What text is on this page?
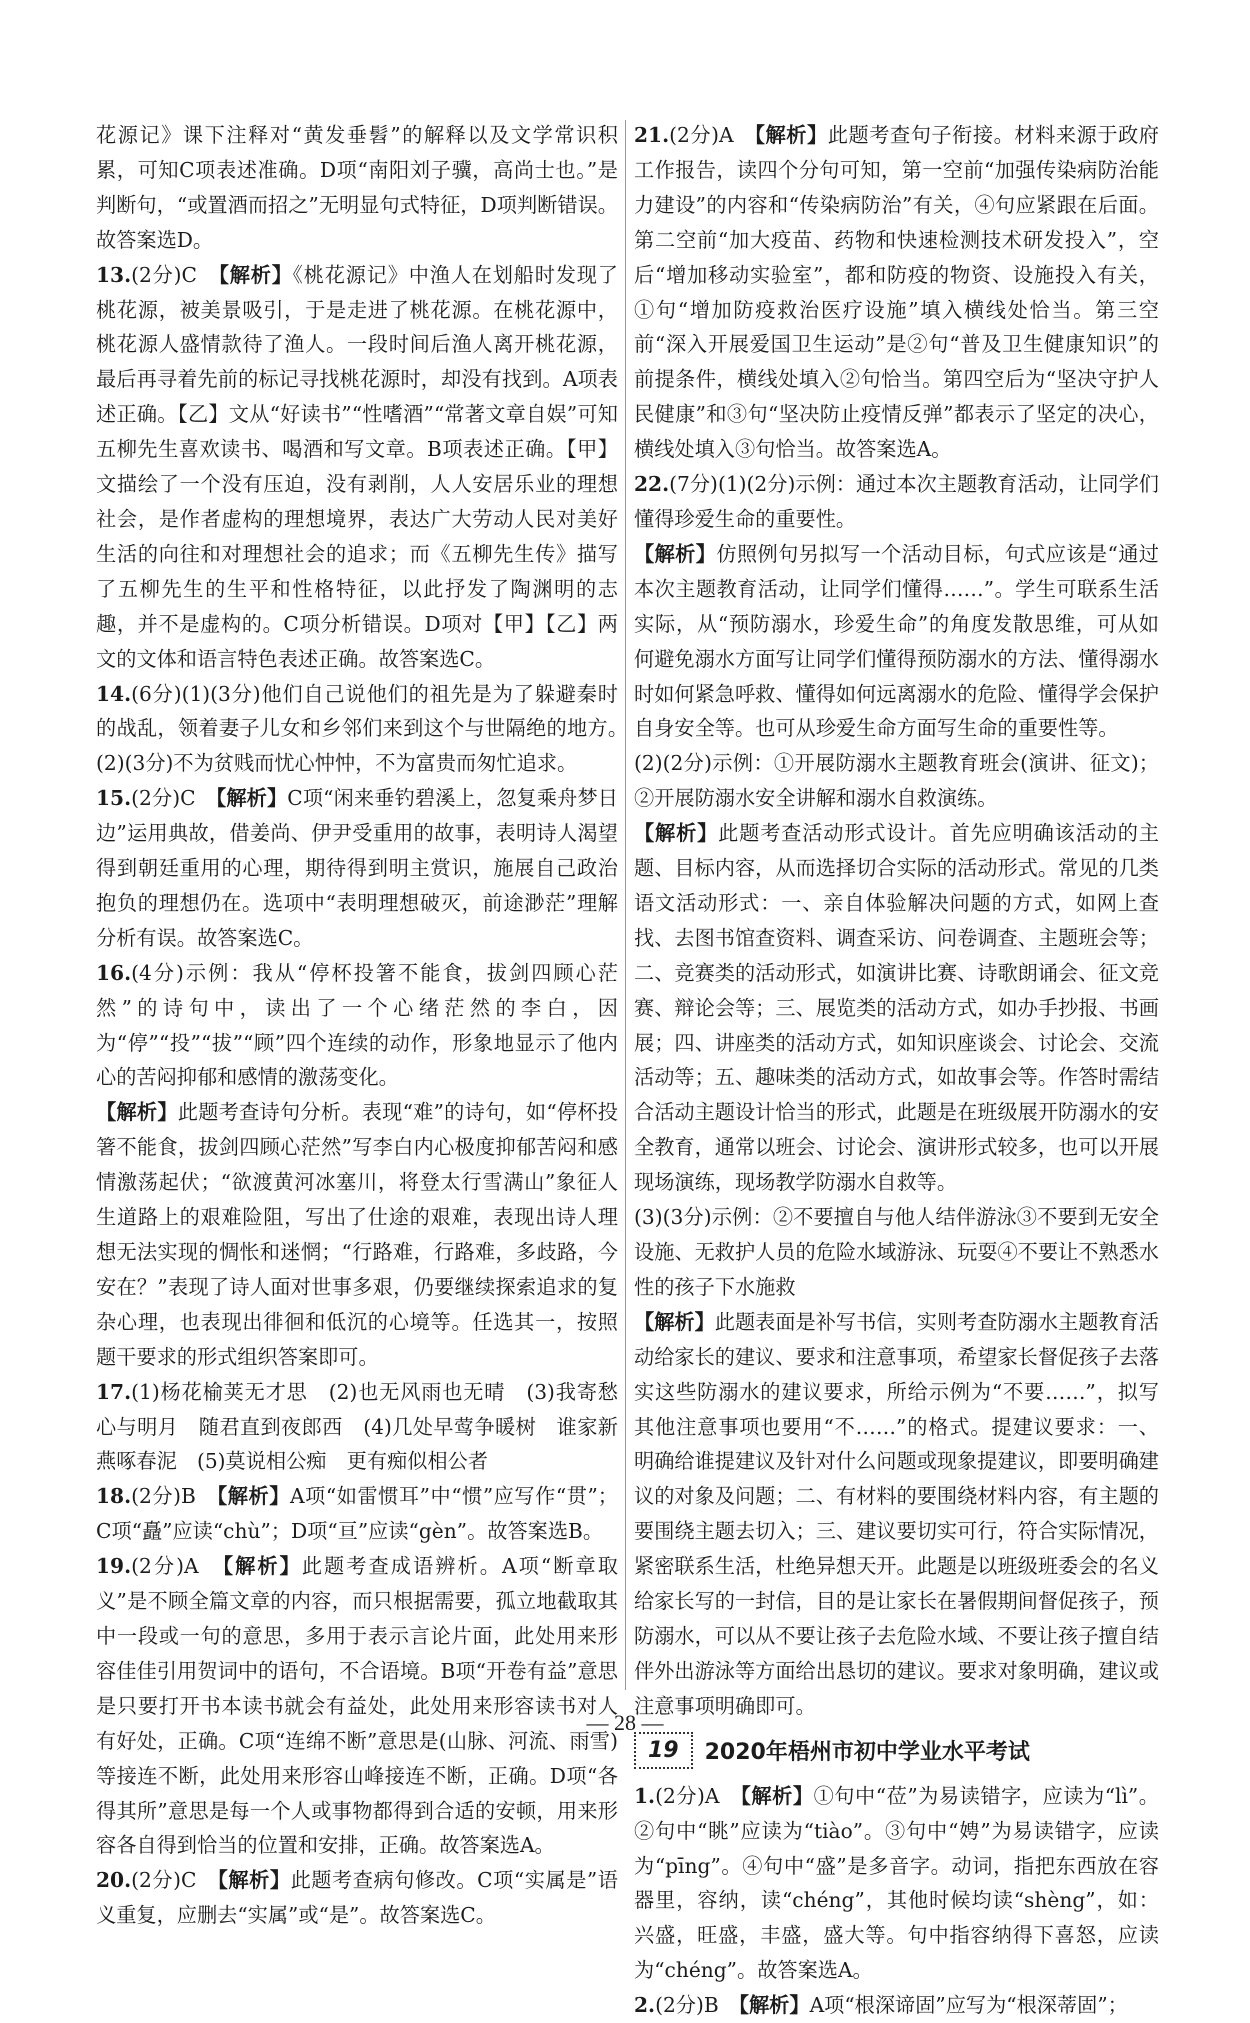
花源记》课下注释对“黄发垂髫”的解释以及文学常识积累，可知C项表述准确。D项“南阳刘子骥，高尚士也。”是判断句，“或置酒而招之”无明显句式特征，D项判断错误。故答案选D。

13.(2分)C　 【解析】《桃花源记》中渔人在划船时发现了桃花源，被美景吸引，于是走进了桃花源。在桃花源中，桃花源人盛情款待了渔人。一段时间后渔人离开桃花源，最后再寻着先前的标记寻找桃花源时，却没有找到。A项表述正确。【乙】文从“好读书”“性嗜酒”“常著文章自娱”可知五柳先生喜欢读书、喝酒和写文章。B项表述正确。【甲】文描绘了一个没有压迫，没有剥削，人人安居乐业的理想社会，是作者虚构的理想境界，表达广大劳动人民对美好生活的向往和对理想社会的追求；而《五柳先生传》描写了五柳先生的生平和性格特征，以此抒发了陶渊明的志趣，并不是虚构的。C项分析错误。D项对【甲】【乙】两文的文体和语言特色表述正确。故答案选C。

14.(6分)(1)(3分)他们自己说他们的祖先是为了躲避秦时的战乱，领着妻子儿女和乡邻们来到这个与世隔绝的地方。　(2)(3分)不为贫贱而忧心忡忡，不为富贵而匆忙追求。

15.(2分)C　 【解析】C项“闲来垂钓碧溪上，忽复乘舟梦日边”运用典故，借姜尚、伊尹受重用的故事，表明诗人渴望得到朝廷重用的心理，期待得到明主赏识，施展自己政治抱负的理想仍在。选项中“表明理想破灭，前途渺茫”理解分析有误。故答案选C。

16.(4分)示例：我从“停杯投箸不能食，拔剑四顾心茫然”的诗句中，读出了一个心绪茫然的李白，因为“停”“投”“拔”“顾”四个连续的动作，形象地显示了他内心的苦闷抑郁和感情的激荡变化。

【解析】此题考查诗句分析。表现“难”的诗句，如“停杯投箸不能食，拔剑四顾心茫然”写李白内心极度抑郁苦闷和感情激荡起伏；“欲渡黄河冰塞川，将登太行雪满山”象征人生道路上的艰难险阻，写出了仕途的艰难，表现出诗人理想无法实现的惆怅和迷惘；“行路难，行路难，多歧路，今安在？”表现了诗人面对世事多艰，仍要继续探索追求的复杂心理，也表现出徘徊和低沉的心境等。任选其一，按照题干要求的形式组织答案即可。

17.(1)杨花榆荚无才思　(2)也无风雨也无晴　(3)我寄愁心与明月　随君直到夜郎西　(4)几处早莺争暖树　谁家新燕啄春泥　(5)莫说相公痴　更有痴似相公者

18.(2分)B　 【解析】A项“如雷惯耳”中“惯”应写作“贯”；C项“矗”应读“chù”；D项“亘”应读“gèn”。故答案选B。

19.(2分)A　 【解析】此题考查成语辨析。A项“断章取义”是不顾全篇文章的内容，而只根据需要，孤立地截取其中一段或一句的意思，多用于表示言论片面，此处用来形容佳佳引用贺词中的语句，不合语境。B项“开卷有益”意思是只要打开书本读书就会有益处，此处用来形容读书对人有好处，正确。C项“连绵不断”意思是(山脉、河流、雨雪)等接连不断，此处用来形容山峰接连不断，正确。D项“各得其所”意思是每一个人或事物都得到合适的安顿，用来形容各自得到恰当的位置和安排，正确。故答案选A。

20.(2分)C　 【解析】此题考查病句修改。C项“实属是”语义重复，应删去“实属”或“是”。故答案选C。

21.(2分)A　 【解析】此题考查句子衔接。材料来源于政府工作报告，读四个分句可知，第一空前“加强传染病防治能力建设”的内容和“传染病防治”有关，④句应紧跟在后面。第二空前“加大疫苗、药物和快速检测技术研发投入”，空后“增加移动实验室”，都和防疫的物资、设施投入有关，①句“增加防疫救治医疗设施”填入横线处恰当。第三空前“深入开展爱国卫生运动”是②句“普及卫生健康知识”的前提条件，横线处填入②句恰当。第四空后为“坚决守护人民健康”和③句“坚决防止疫情反弹”都表示了坚定的决心，横线处填入③句恰当。故答案选A。

22.(7分)(1)(2分)示例：通过本次主题教育活动，让同学们懂得珍爱生命的重要性。

【解析】仿照例句另拟写一个活动目标，句式应该是“通过本次主题教育活动，让同学们懂得……”。学生可联系生活实际，从“预防溺水，珍爱生命”的角度发散思维，可从如何避免溺水方面写让同学们懂得预防溺水的方法、懂得溺水时如何紧急呼救、懂得如何远离溺水的危险、懂得学会保护自身安全等。也可从珍爱生命方面写生命的重要性等。

(2)(2分)示例：①开展防溺水主题教育班会(演讲、征文)；②开展防溺水安全讲解和溺水自救演练。

【解析】此题考查活动形式设计。首先应明确该活动的主题、目标内容，从而选择切合实际的活动形式。常见的几类语文活动形式：一、亲自体验解决问题的方式，如网上查找、去图书馆查资料、调查采访、问卷调查、主题班会等；二、竞赛类的活动形式，如演讲比赛、诗歌朗诵会、征文竞赛、辩论会等；三、展览类的活动方式，如办手抄报、书画展；四、讲座类的活动方式，如知识座谈会、讨论会、交流活动等；五、趣味类的活动方式，如故事会等。作答时需结合活动主题设计恰当的形式，此题是在班级展开防溺水的安全教育，通常以班会、讨论会、演讲形式较多，也可以开展现场演练，现场教学防溺水自救等。

(3)(3分)示例：②不要擅自与他人结伴游泳③不要到无安全设施、无救护人员的危险水域游泳、玩耍④不要让不熟悉水性的孩子下水施救

【解析】此题表面是补写书信，实则考查防溺水主题教育活动给家长的建议、要求和注意事项，希望家长督促孩子去落实这些防溺水的建议要求，所给示例为“不要……”，拟写其他注意事项也要用“不……”的格式。提建议要求：一、明确给谁提建议及针对什么问题或现象提建议，即要明确建议的对象及问题；二、有材料的要围绕材料内容，有主题的要围绕主题去切入；三、建议要切实可行，符合实际情况，紧密联系生活，杜绝异想天开。此题是以班级班委会的名义给家长写的一封信，目的是让家长在暑假期间督促孩子，预防溺水，可以从不要让孩子去危险水域、不要让孩子擅自结伴外出游泳等方面给出恳切的建议。要求对象明确，建议或注意事项明确即可。

19	2020年梧州市初中学业水平考试

1.(2分)A　 【解析】①句中“莅”为易读错字，应读为“lì”。②句中“眺”应读为“tiào”。③句中“娉”为易读错字，应读为“pīng”。④句中“盛”是多音字。动词，指把东西放在容器里，容纳，读“chéng”，其他时候均读“shèng”，如：兴盛，旺盛，丰盛，盛大等。句中指容纳得下喜怒，应读为“chéng”。故答案选A。

2.(2分)B　 【解析】A项“根深谛固”应写为“根深蒂固”；

— 28 —
